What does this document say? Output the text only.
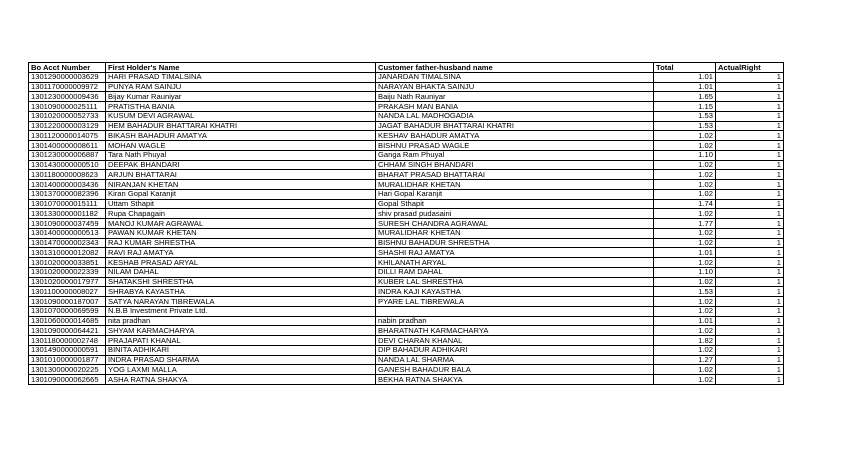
Bo Acct Number	First Holder's Name	Customer father-husband name	Total	ActualRight
1301290000003629	HARI PRASAD TIMALSINA	JANARDAN TIMALSINA	1.01	1
1301170000009972	PUNYA RAM SAINJU	NARAYAN BHAKTA SAINJU	1.01	1
1301230000009436	Bijay Kumar Rauniyar	Baiju Nath Rauniyar	1.65	1
1301090000025111	PRATISTHA BANIA	PRAKASH MAN BANIA	1.15	1
1301020000052733	KUSUM DEVI AGRAWAL	NANDA LAL MADHOGADIA	1.53	1
1301220000003129	HEM BAHADUR BHATTARAI KHATRI	JAGAT BAHADUR BHATTARAI KHATRI	1.53	1
1301120000014075	BIKASH BAHADUR AMATYA	KESHAV BAHADUR AMATYA	1.02	1
1301400000008611	MOHAN WAGLE	BISHNU PRASAD WAGLE	1.02	1
1301230000006887	Tara Nath Phuyal	Ganga Ram Phuyal	1.10	1
1301430000000510	DEEPAK BHANDARI	CHHAM SINGH BHANDARI	1.02	1
1301180000008623	ARJUN BHATTARAI	BHARAT PRASAD BHATTARAI	1.02	1
1301400000003436	NIRANJAN KHETAN	MURALIDHAR KHETAN	1.02	1
1301370000082396	Kiran Gopal Karanjit	Hari Gopal Karanjit	1.02	1
1301070000015111	Uttam Sthapit	Gopal Sthapit	1.74	1
1301330000001182	Rupa Chapagain	shiv prasad pudasaini	1.02	1
1301090000037459	MANOJ KUMAR AGRAWAL	SURESH CHANDRA AGRAWAL	1.77	1
1301400000000513	PAWAN KUMAR KHETAN	MURALIDHAR KHETAN	1.02	1
1301470000002343	RAJ KUMAR SHRESTHA	BISHNU BAHADUR SHRESTHA	1.02	1
1301310000012082	RAVI RAJ AMATYA	SHASHI RAJ AMATYA	1.01	1
1301020000033851	KESHAB PRASAD ARYAL	KHILANATH ARYAL	1.02	1
1301020000022339	NILAM DAHAL	DILLI RAM DAHAL	1.10	1
1301020000017977	SHATAKSHI SHRESTHA	KUBER LAL SHRESTHA	1.02	1
1301100000008027	SHRABYA KAYASTHA	INDRA KAJI KAYASTHA	1.53	1
1301090000187007	SATYA NARAYAN TIBREWALA	PYARE LAL TIBREWALA	1.02	1
1301070000069599	N.B.B Investment Private Ltd.		1.02	1
1301060000014685	nita pradhan	nabin pradhan	1.01	1
1301090000064421	SHYAM KARMACHARYA	BHARATNATH KARMACHARYA	1.02	1
1301180000002748	PRAJAPATI KHANAL	DEVI CHARAN KHANAL	1.82	1
1301490000000591	BINITA ADHIKARI	DIP BAHADUR ADHIKARI	1.02	1
1301010000001877	INDRA PRASAD SHARMA	NANDA LAL SHARMA	1.27	1
1301300000020225	YOG LAXMI MALLA	GANESH BAHADUR BALA	1.02	1
1301090000062665	ASHA RATNA SHAKYA	BEKHA RATNA SHAKYA	1.02	1
